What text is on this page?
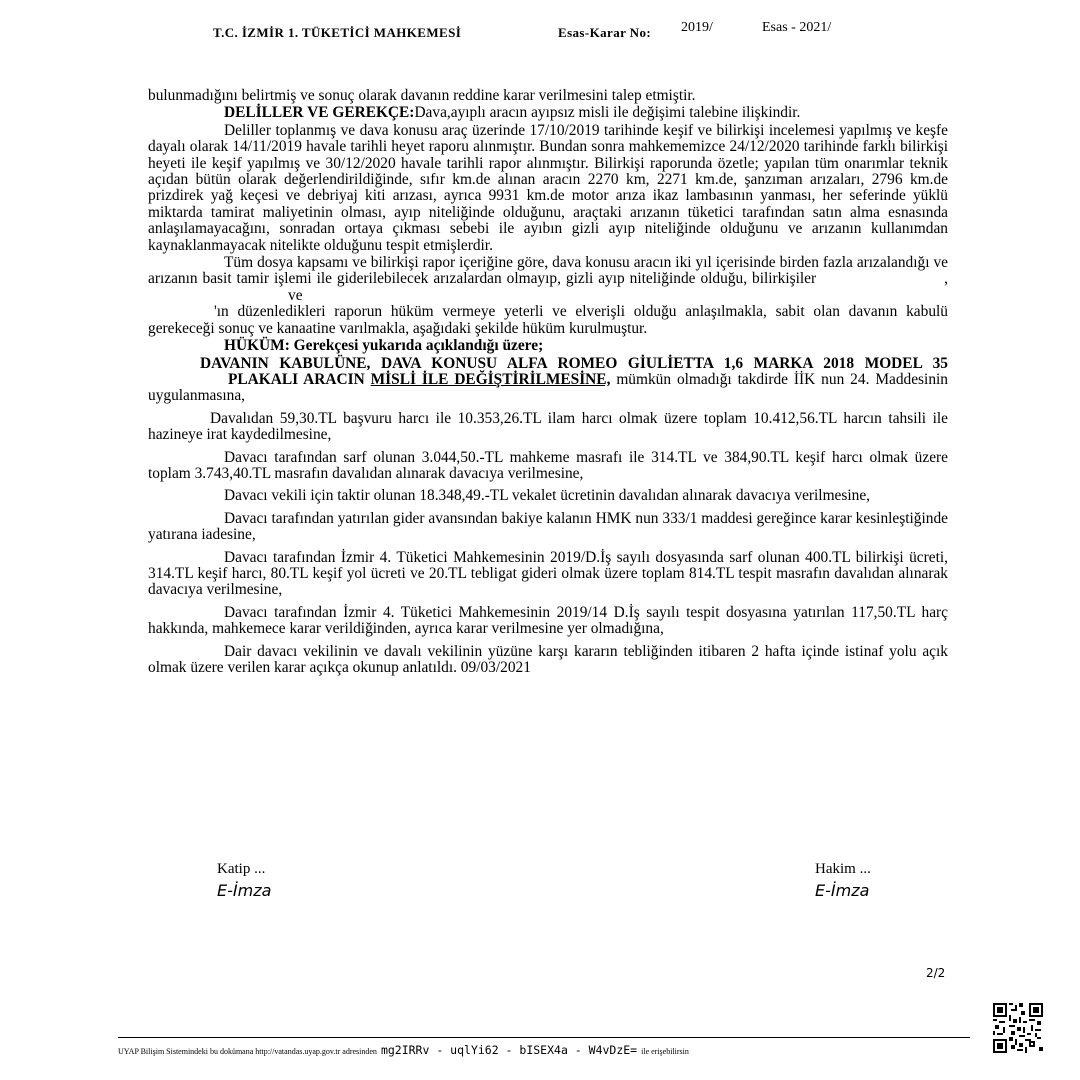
T.C. İZMİR 1. TÜKETİCİ MAHKEMESİ	Esas-Karar No: 2019/	Esas - 2021/

bulunmadığını belirtmiş ve sonuç olarak davanın reddine karar verilmesini talep etmiştir.

DELİLLER VE GEREKÇE:Dava,ayıplı aracın ayıpsız misli ile değişimi talebine ilişkindir.

Deliller toplanmış ve dava konusu araç üzerinde 17/10/2019 tarihinde keşif ve bilirkişi incelemesi yapılmış ve keşfe dayalı olarak 14/11/2019 havale tarihli heyet raporu alınmıştır. Bundan sonra mahkememizce 24/12/2020 tarihinde farklı bilirkişi heyeti ile keşif yapılmış ve 30/12/2020 havale tarihli rapor alınmıştır. Bilirkişi raporunda özetle; yapılan tüm onarımlar teknik açıdan bütün olarak değerlendirildiğinde, sıfır km.de alınan aracın 2270 km, 2271 km.de, şanzıman arızaları, 2796 km.de prizdirek yağ keçesi ve debriyaj kiti arızası, ayrıca 9931 km.de motor arıza ikaz lambasının yanması, her seferinde yüklü miktarda tamirat maliyetinin olması, ayıp niteliğinde olduğunu, araçtaki arızanın tüketici tarafından satın alma esnasında anlaşılamayacağını, sonradan ortaya çıkması sebebi ile ayıbın gizli ayıp niteliğinde olduğunu ve arızanın kullanımdan kaynaklanmayacak nitelikte olduğunu tespit etmişlerdir.

Tüm dosya kapsamı ve bilirkişi rapor içeriğine göre, dava konusu aracın iki yıl içerisinde birden fazla arızalandığı ve arızanın basit tamir işlemi ile giderilebilecek arızalardan olmayıp, gizli ayıp niteliğinde olduğu, bilirkişiler	,ve
'ın düzenledikleri raporun hüküm vermeye yeterli ve elverişli olduğu anlaşılmakla, sabit olan davanın kabulü gerekeceği sonuç ve kanaatine varılmakla, aşağıdaki şekilde hüküm kurulmuştur.

HÜKÜM: Gerekçesi yukarıda açıklandığı üzere;

DAVANIN KABULÜNE, DAVA KONUSU ALFA ROMEO GİULİETTA 1,6 MARKA 2018 MODEL 35PLAKALI ARACIN MİSLİ İLE DEĞİŞTİRİLMESİNE, mümkün olmadığı takdirde İİK nun 24. Maddesinin uygulanmasına,

Davalıdan 59,30.TL başvuru harcı ile 10.353,26.TL ilam harcı olmak üzere toplam 10.412,56.TL harcın tahsili ile hazineye irat kaydedilmesine,

Davacı tarafından sarf olunan 3.044,50.-TL mahkeme masrafı ile 314.TL ve 384,90.TL keşif harcı olmak üzere toplam 3.743,40.TL masrafın davalıdan alınarak davacıya verilmesine,

Davacı vekili için taktir olunan 18.348,49.-TL vekalet ücretinin davalıdan alınarak davacıya verilmesine,

Davacı tarafından yatırılan gider avansından bakiye kalanın HMK nun 333/1 maddesi gereğince karar kesinleştiğinde yatırana iadesine,

Davacı tarafından İzmir 4. Tüketici Mahkemesinin 2019/D.İş sayılı dosyasında sarf olunan 400.TL bilirkişi ücreti, 314.TL keşif harcı, 80.TL keşif yol ücreti ve 20.TL tebligat gideri olmak üzere toplam 814.TL tespit masrafın davalıdan alınarak davacıya verilmesine,

Davacı tarafından İzmir 4. Tüketici Mahkemesinin 2019/14 D.İş sayılı tespit dosyasına yatırılan 117,50.TL harç hakkında, mahkemece karar verildiğinden, ayrıca karar verilmesine yer olmadığına,

Dair davacı vekilinin ve davalı vekilinin yüzüne karşı kararın tebliğinden itibaren 2 hafta içinde istinaf yolu açık olmak üzere verilen karar açıkça okunup anlatıldı. 09/03/2021

Katip ...
E-İmza
Hakim ...
E-İmza
2/2
UYAP Bilişim Sistemindeki bu dokümana http://vatandas.uyap.gov.tr adresinden mg2IRRv - uqlYi62 - bISEX4a - W4vDzE= ile erişebilirsin
